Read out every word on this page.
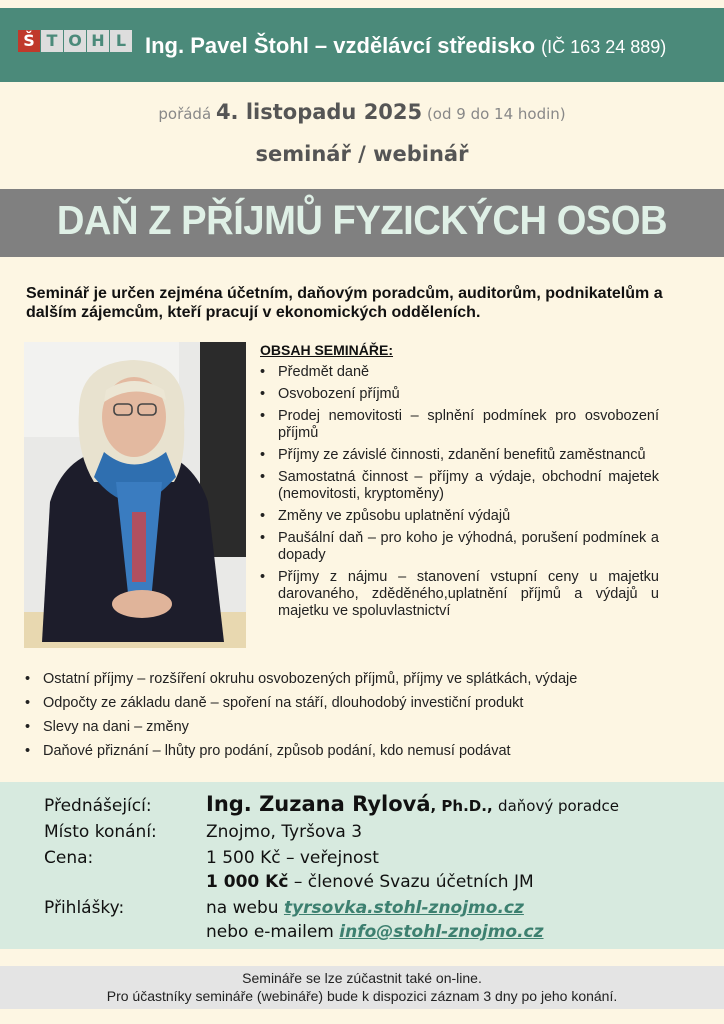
Š T O H L Ing. Pavel Štohl – vzdělávcí středisko (IČ 163 24 889)
pořádá 4. listopadu 2025 (od 9 do 14 hodin)
seminář / webinář
DAŇ Z PŘÍJMŮ FYZICKÝCH OSOB
Seminář je určen zejména účetním, daňovým poradcům, auditorům, podnikatelům a dalším zájemcům, kteří pracují v ekonomických odděleních.
OBSAH SEMINÁŘE:
• Předmět daně
• Osvobození příjmů
• Prodej nemovitosti – splnění podmínek pro osvobození příjmů
• Příjmy ze závislé činnosti, zdanění benefitů zaměstnanců
• Samostatná činnost – příjmy a výdaje, obchodní majetek (nemovitosti, kryptoměny)
• Změny ve způsobu uplatnění výdajů
• Paušální daň – pro koho je výhodná, porušení podmínek a dopady
• Příjmy z nájmu – stanovení vstupní ceny u majetku darovaného, zděděného,uplatnění příjmů a výdajů u majetku ve spoluvlastnictví
• Ostatní příjmy – rozšíření okruhu osvobozených příjmů, příjmy ve splátkách, výdaje
• Odpočty ze základu daně – spoření na stáří, dlouhodobý investiční produkt
• Slevy na dani – změny
• Daňové přiznání – lhůty pro podání, způsob podání, kdo nemusí podávat
Přednášející:	Ing. Zuzana Rylová, Ph.D., daňový poradce
Místo konání:	Znojmo, Tyršova 3
Cena:	1 500 Kč – veřejnost
1 000 Kč – členové Svazu účetních JM
Přihlášky:	na webu tyrsovka.stohl-znojmo.cz
nebo e-mailem info@stohl-znojmo.cz
Semináře se lze zúčastnit také on-line.
Pro účastníky semináře (webináře) bude k dispozici záznam 3 dny po jeho konání.
